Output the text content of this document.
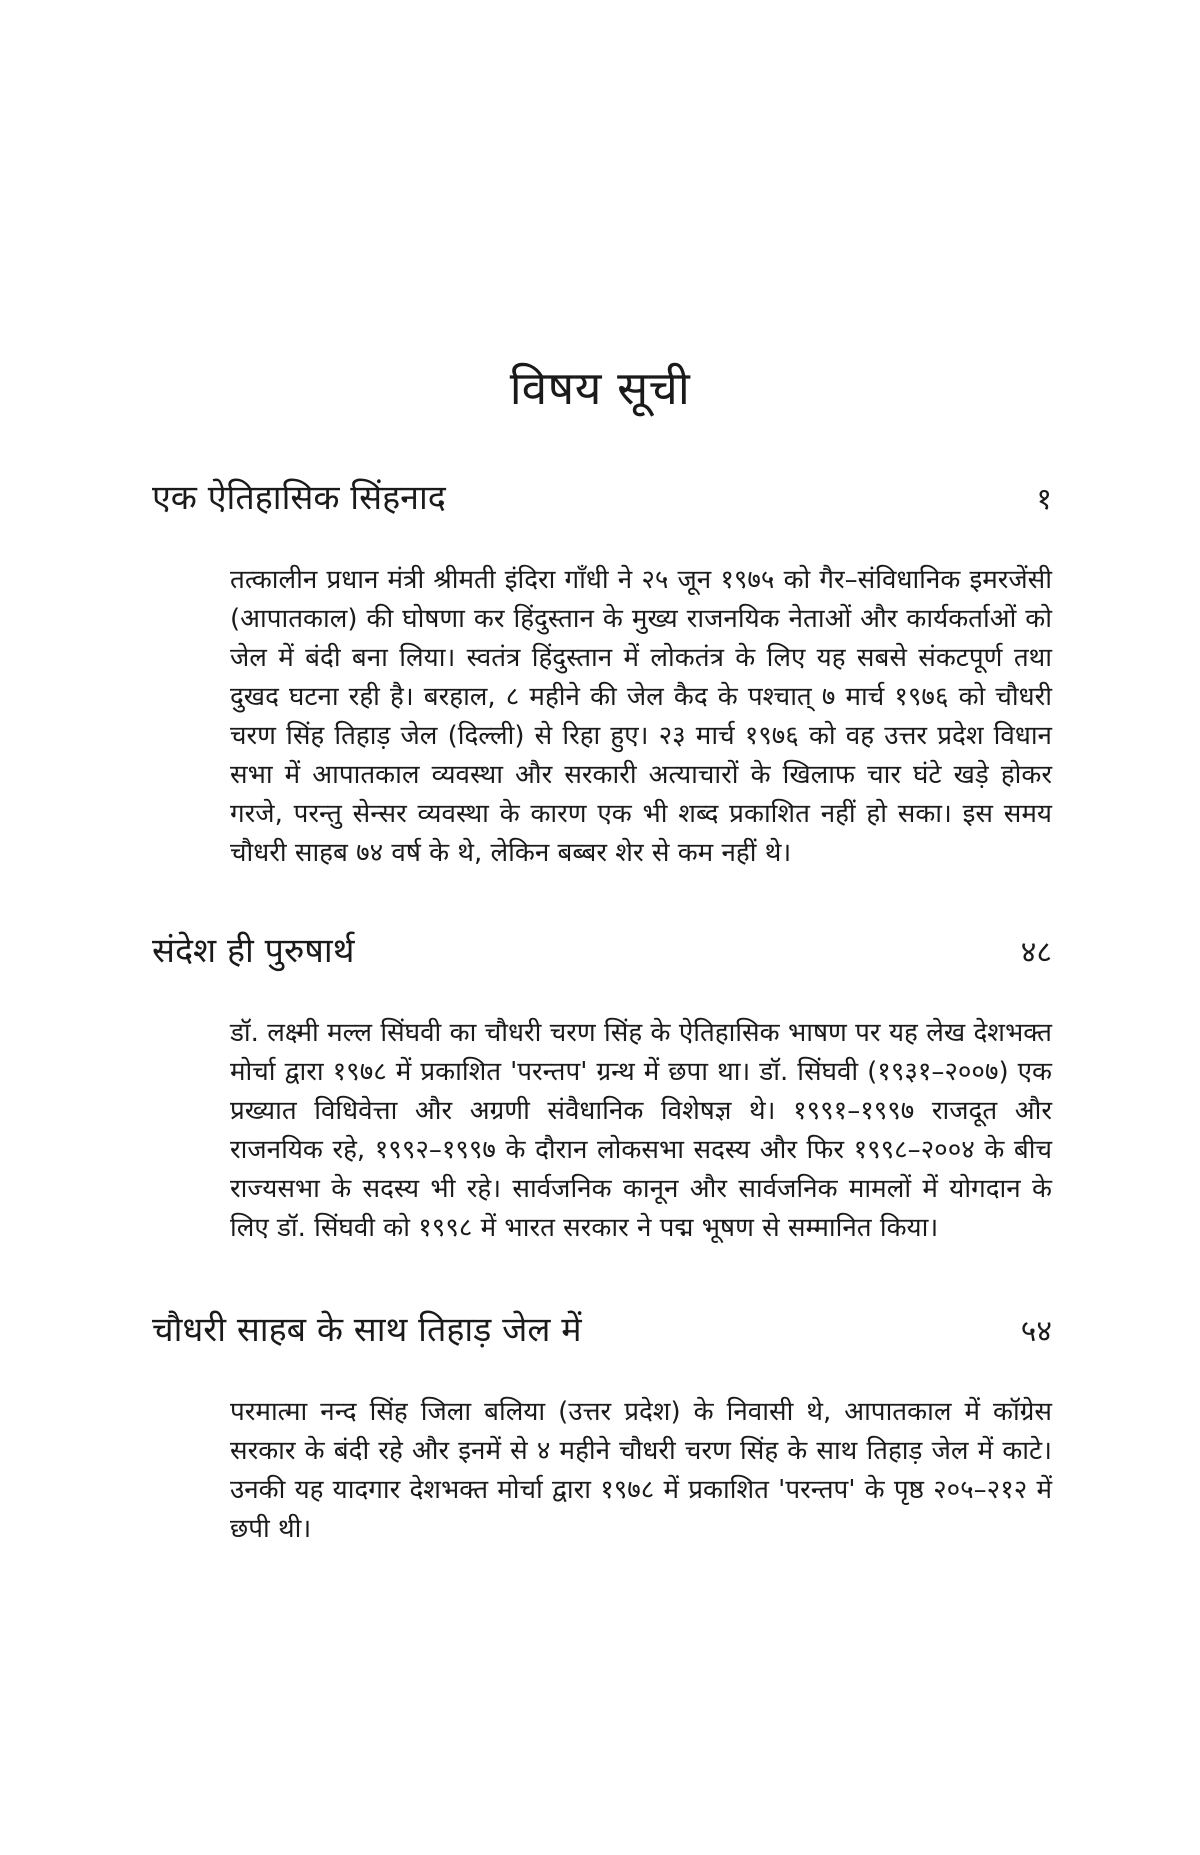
विषय सूची
एक ऐतिहासिक सिंहनाद	१

तत्कालीन प्रधान मंत्री श्रीमती इंदिरा गाँधी ने २५ जून १९७५ को गैर–संविधानिक इमरजेंसी (आपातकाल) की घोषणा कर हिंदुस्तान के मुख्य राजनयिक नेताओं और कार्यकर्ताओं को जेल में बंदी बना लिया। स्वतंत्र हिंदुस्तान में लोकतंत्र के लिए यह सबसे संकटपूर्ण तथा दुखद घटना रही है। बरहाल, ८ महीने की जेल कैद के पश्चात् ७ मार्च १९७६ को चौधरी चरण सिंह तिहाड़ जेल (दिल्ली) से रिहा हुए। २३ मार्च १९७६ को वह उत्तर प्रदेश विधान सभा में आपातकाल व्यवस्था और सरकारी अत्याचारों के खिलाफ चार घंटे खड़े होकर गरजे, परन्तु सेन्सर व्यवस्था के कारण एक भी शब्द प्रकाशित नहीं हो सका। इस समय चौधरी साहब ७४ वर्ष के थे, लेकिन बब्बर शेर से कम नहीं थे।

संदेश ही पुरुषार्थ	४८

डॉ. लक्ष्मी मल्ल सिंघवी का चौधरी चरण सिंह के ऐतिहासिक भाषण पर यह लेख देशभक्त मोर्चा द्वारा १९७८ में प्रकाशित 'परन्तप' ग्रन्थ में छपा था। डॉ. सिंघवी (१९३१–२००७) एक प्रख्यात विधिवेत्ता और अग्रणी संवैधानिक विशेषज्ञ थे। १९९१–१९९७ राजदूत और राजनयिक रहे, १९९२–१९९७ के दौरान लोकसभा सदस्य और फिर १९९८–२००४ के बीच राज्यसभा के सदस्य भी रहे। सार्वजनिक कानून और सार्वजनिक मामलों में योगदान के लिए डॉ. सिंघवी को १९९८ में भारत सरकार ने पद्म भूषण से सम्मानित किया।

चौधरी साहब के साथ तिहाड़ जेल में	५४

परमात्मा नन्द सिंह जिला बलिया (उत्तर प्रदेश) के निवासी थे, आपातकाल में कॉग्रेस सरकार के बंदी रहे और इनमें से ४ महीने चौधरी चरण सिंह के साथ तिहाड़ जेल में काटे। उनकी यह यादगार देशभक्त मोर्चा द्वारा १९७८ में प्रकाशित 'परन्तप' के पृष्ठ २०५–२१२ में छपी थी।
